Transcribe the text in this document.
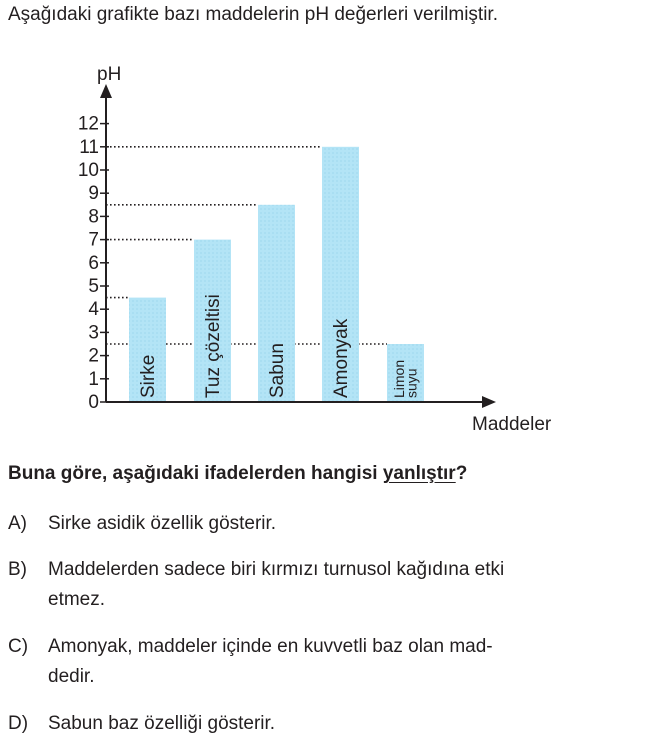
Aşağıdaki grafikte bazı maddelerin pH değerleri verilmiştir.
Sirke Tuz çözeltisi Sabun Amonyak	Limonsuyu
0
1
2
3
4
5
6
7
8
9
10
11
12
pH
Maddeler
Buna göre, aşağıdaki ifadelerden hangisi yanlıştır?
A)	Sirke asidik özellik gösterir.
B)	Maddelerden sadece biri kırmızı turnusol kağıdına etki
etmez.
C)	Amonyak, maddeler içinde en kuvvetli baz olan mad-
dedir.
D)	Sabun baz özelliği gösterir.
